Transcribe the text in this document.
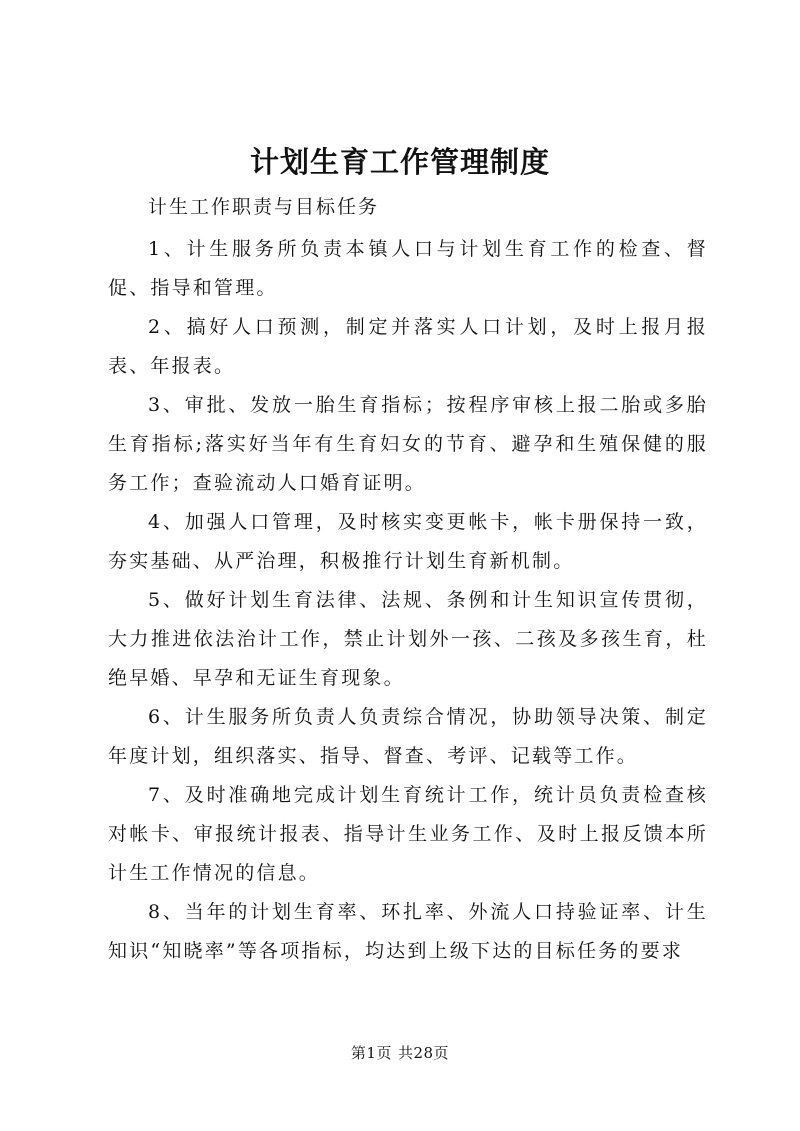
计划生育工作管理制度

计生工作职责与目标任务

1、计生服务所负责本镇人口与计划生育工作的检查、督促、指导和管理。

2、搞好人口预测，制定并落实人口计划，及时上报月报表、年报表。

3、审批、发放一胎生育指标；按程序审核上报二胎或多胎生育指标;落实好当年有生育妇女的节育、避孕和生殖保健的服务工作；查验流动人口婚育证明。

4、加强人口管理，及时核实变更帐卡，帐卡册保持一致，夯实基础、从严治理，积极推行计划生育新机制。

5、做好计划生育法律、法规、条例和计生知识宣传贯彻，大力推进依法治计工作，禁止计划外一孩、二孩及多孩生育，杜绝早婚、早孕和无证生育现象。

6、计生服务所负责人负责综合情况，协助领导决策、制定年度计划，组织落实、指导、督查、考评、记载等工作。

7、及时准确地完成计划生育统计工作，统计员负责检查核对帐卡、审报统计报表、指导计生业务工作、及时上报反馈本所计生工作情况的信息。

8、当年的计划生育率、环扎率、外流人口持验证率、计生知识“知晓率”等各项指标，均达到上级下达的目标任务的要求

第1页 共28页
